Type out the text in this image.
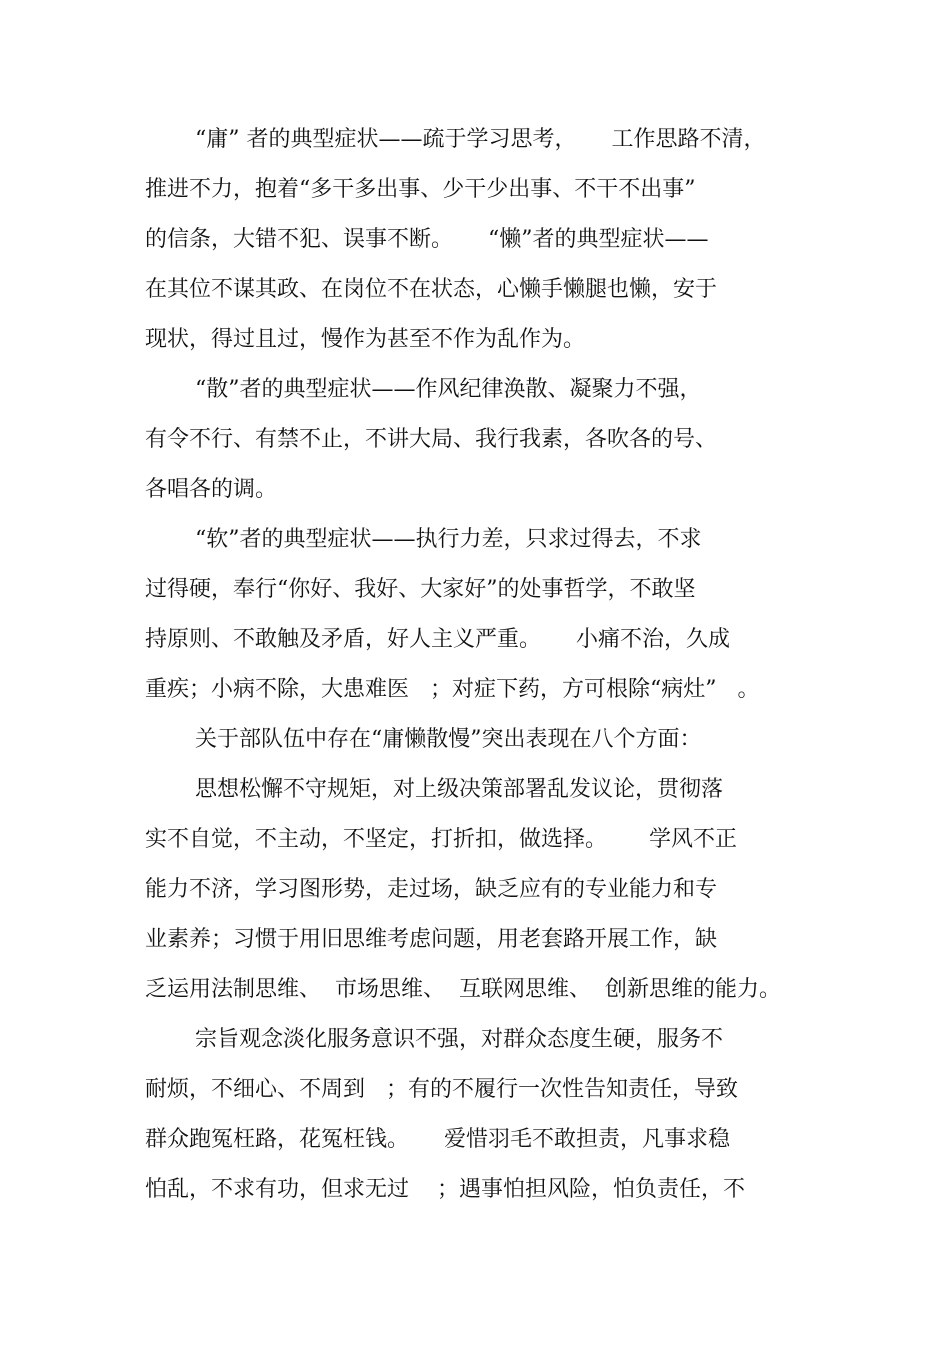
“庸” 者的典型症状——疏于学习思考，     工作思路不清，

推进不力，抱着“多干多出事、少干少出事、不干不出事”

的信条，大错不犯、误事不断。     “懒”者的典型症状——

在其位不谋其政、在岗位不在状态，心懒手懒腿也懒，安于

现状，得过且过，慢作为甚至不作为乱作为。

“散”者的典型症状——作风纪律涣散、凝聚力不强，

有令不行、有禁不止，不讲大局、我行我素，各吹各的号、

各唱各的调。

“软”者的典型症状——执行力差，只求过得去，不求

过得硬，奉行“你好、我好、大家好”的处事哲学，不敢坚

持原则、不敢触及矛盾，好人主义严重。     小痛不治，久成

重疾；小病不除，大患难医   ；对症下药，方可根除“病灶”   。

关于部队伍中存在“庸懒散慢”突出表现在八个方面：

思想松懈不守规矩，对上级决策部署乱发议论，贯彻落

实不自觉，不主动，不坚定，打折扣，做选择。      学风不正

能力不济，学习图形势，走过场，缺乏应有的专业能力和专

业素养；习惯于用旧思维考虑问题，用老套路开展工作，缺

乏运用法制思维、  市场思维、  互联网思维、  创新思维的能力。

宗旨观念淡化服务意识不强，对群众态度生硬，服务不

耐烦，不细心、不周到   ；有的不履行一次性告知责任，导致

群众跑冤枉路，花冤枉钱。     爱惜羽毛不敢担责，凡事求稳

怕乱，不求有功，但求无过    ；遇事怕担风险，怕负责任，不
